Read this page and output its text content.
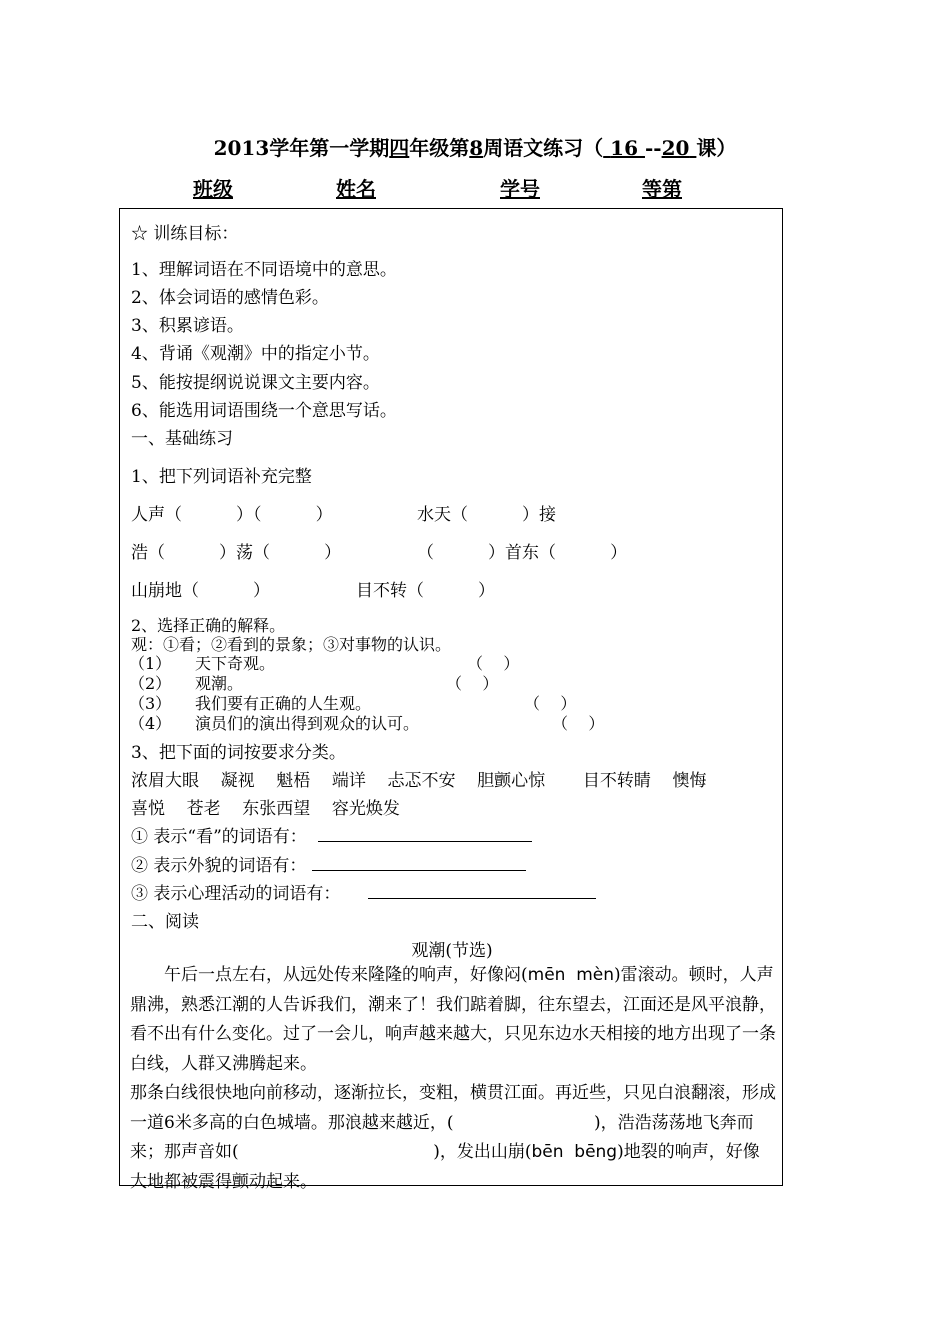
2013学年第一学期四年级第8周语文练习（ 16 --20 课）
班级	姓名	学号	等第
☆ 训练目标：
1、理解词语在不同语境中的意思。
2、体会词语的感情色彩。
3、积累谚语。
4、背诵《观潮》中的指定小节。
5、能按提纲说说课文主要内容。
6、能选用词语围绕一个意思写话。
一、基础练习
1、把下列词语补充完整
人声（          ）（          ）	水天（          ）接
浩（          ）荡（          ）	（          ）首东（          ）
山崩地（          ）	目不转（          ）
2、选择正确的解释。
观：①看；②看到的景象；③对事物的认识。
（1） 天下奇观。	（    ）
（2） 观潮。	（    ）
（3） 我们要有正确的人生观。	（    ）
（4） 演员们的演出得到观众的认可。	（    ）
3、把下面的词按要求分类。
浓眉大眼    凝视    魁梧    端详    忐忑不安    胆颤心惊       目不转睛    懊悔
喜悦    苍老    东张西望    容光焕发
① 表示“看”的词语有：
② 表示外貌的词语有：
③ 表示心理活动的词语有：
二、阅读
观潮(节选)

午后一点左右，从远处传来隆隆的响声，好像闷(mēn  mèn)雷滚动。顿时，人声鼎沸，熟悉江潮的人告诉我们，潮来了！我们踮着脚，往东望去，江面还是风平浪静，看不出有什么变化。过了一会儿，响声越来越大，只见东边水天相接的地方出现了一条白线，人群又沸腾起来。

那条白线很快地向前移动，逐渐拉长，变粗，横贯江面。再近些，只见白浪翻滚，形成一道6米多高的白色城墙。那浪越来越近，(	)，浩浩荡荡地飞奔而来；那声音如(	)，发出山崩(bēn  bēng)地裂的响声，好像大地都被震得颤动起来。
